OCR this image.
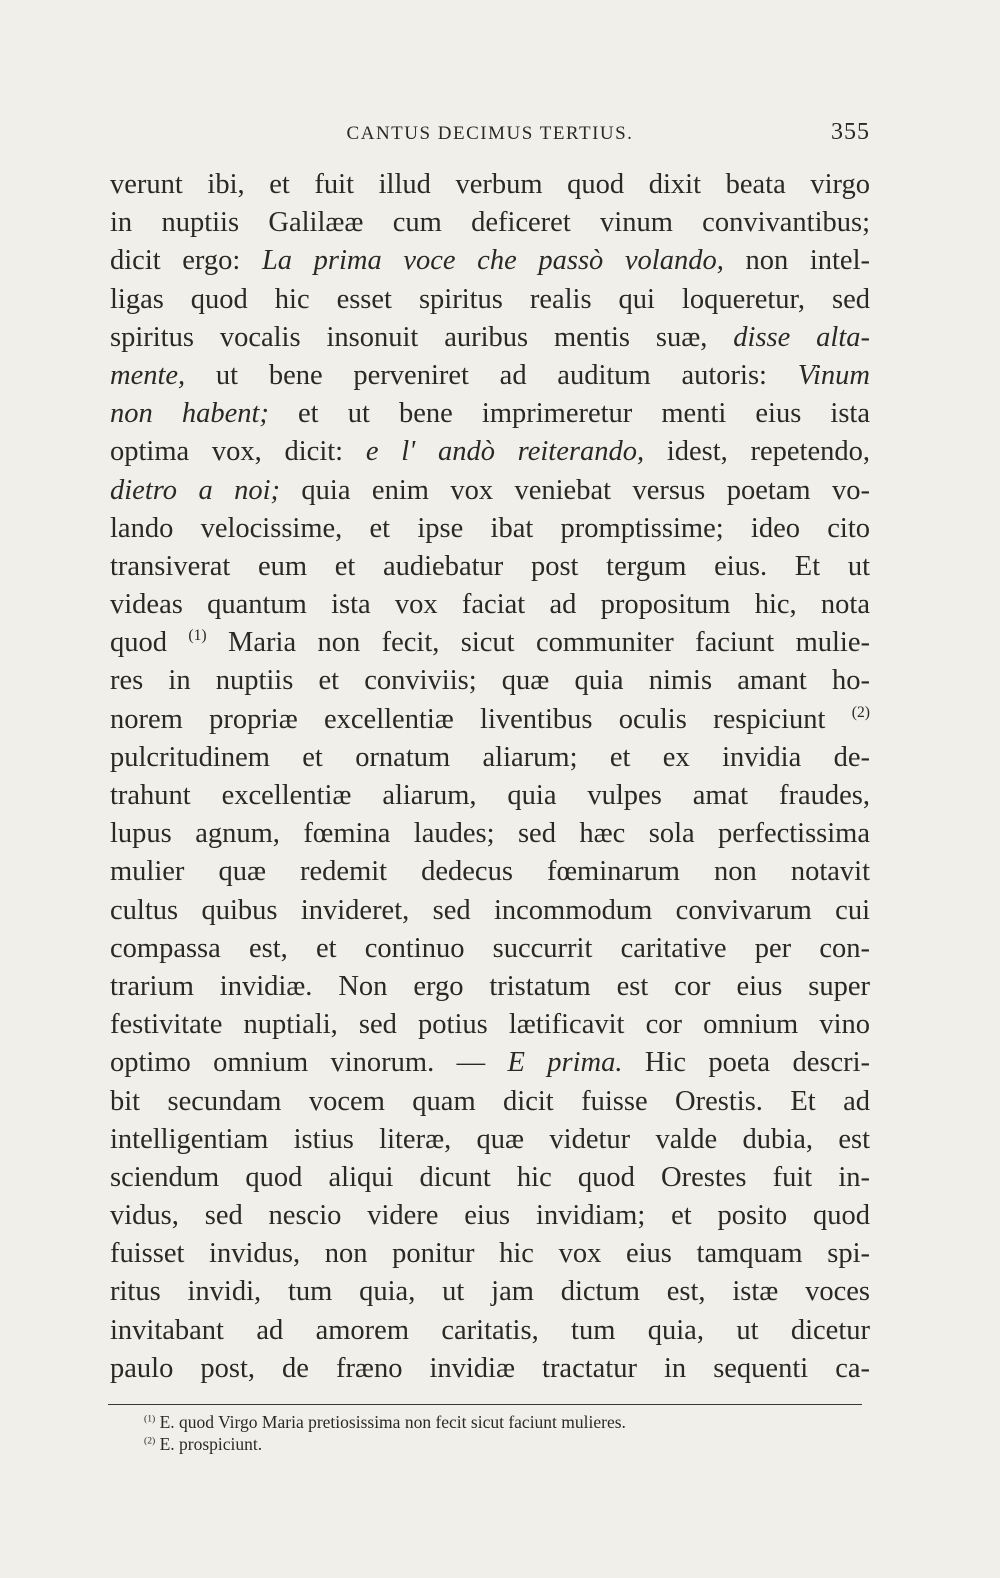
CANTUS DECIMUS TERTIUS.	355
verunt ibi, et fuit illud verbum quod dixit beata virgo
in nuptiis Galilææ cum deficeret vinum convivantibus;
dicit ergo: La prima voce che passò volando, non intel-
ligas quod hic esset spiritus realis qui loqueretur, sed
spiritus vocalis insonuit auribus mentis suæ, disse alta-
mente, ut bene perveniret ad auditum autoris: Vinum
non habent; et ut bene imprimeretur menti eius ista
optima vox, dicit: e l' andò reiterando, idest, repetendo,
dietro a noi; quia enim vox veniebat versus poetam vo-
lando velocissime, et ipse ibat promptissime; ideo cito
transiverat eum et audiebatur post tergum eius. Et ut
videas quantum ista vox faciat ad propositum hic, nota
quod $^{(1)}$ Maria non fecit, sicut communiter faciunt mulie-
res in nuptiis et conviviis; quæ quia nimis amant ho-
norem propriæ excellentiæ liventibus oculis respiciunt $^{(2)}$
pulcritudinem et ornatum aliarum; et ex invidia de-
trahunt excellentiæ aliarum, quia vulpes amat fraudes,
lupus agnum, fœmina laudes; sed hæc sola perfectissima
mulier quæ redemit dedecus fœminarum non notavit
cultus quibus invideret, sed incommodum convivarum cui
compassa est, et continuo succurrit caritative per con-
trarium invidiæ. Non ergo tristatum est cor eius super
festivitate nuptiali, sed potius lætificavit cor omnium vino
optimo omnium vinorum. — E prima. Hic poeta descri-
bit secundam vocem quam dicit fuisse Orestis. Et ad
intelligentiam istius literæ, quæ videtur valde dubia, est
sciendum quod aliqui dicunt hic quod Orestes fuit in-
vidus, sed nescio videre eius invidiam; et posito quod
fuisset invidus, non ponitur hic vox eius tamquam spi-
ritus invidi, tum quia, ut jam dictum est, istæ voces
invitabant ad amorem caritatis, tum quia, ut dicetur
paulo post, de fræno invidiæ tractatur in sequenti ca-
$^{(1)}$ E. quod Virgo Maria pretiosissima non fecit sicut faciunt mulieres.
$^{(2)}$ E. prospiciunt.
